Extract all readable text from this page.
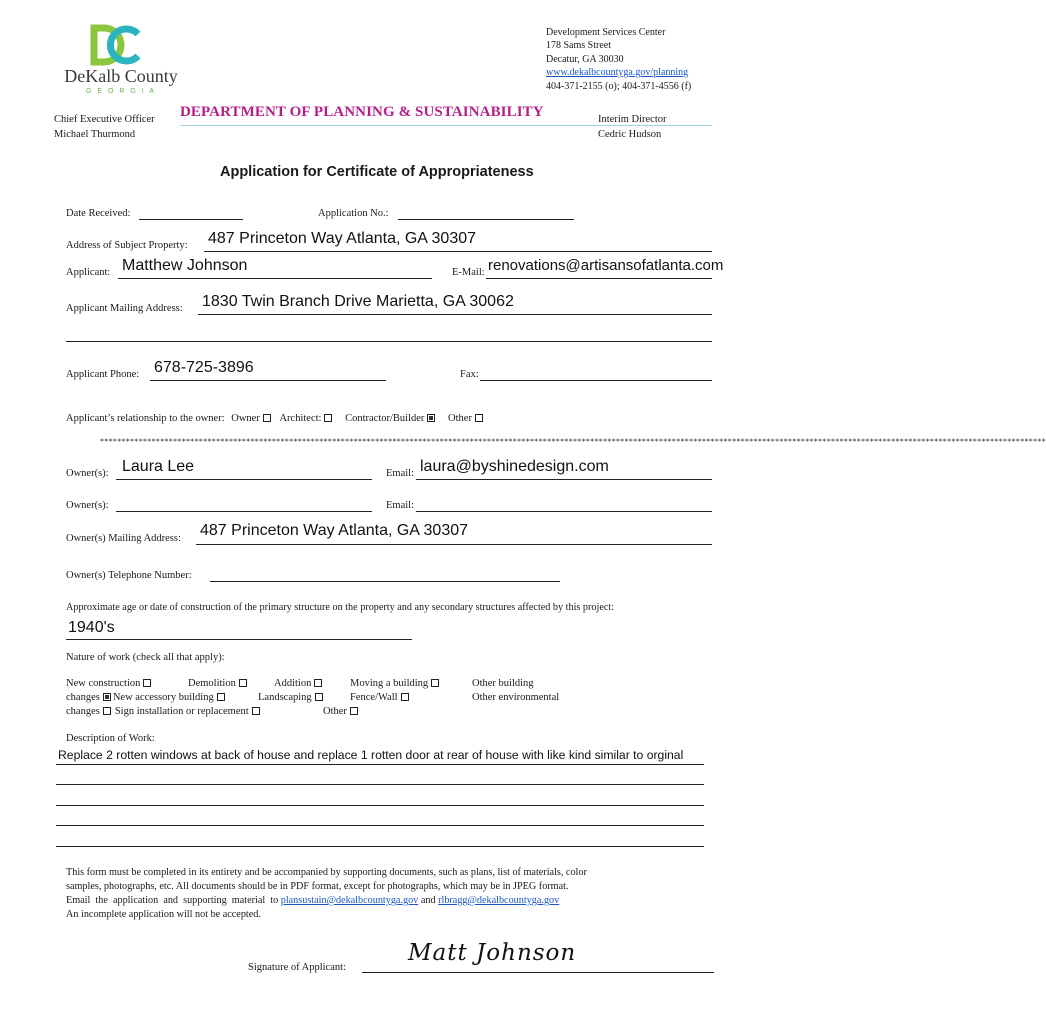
DeKalb County
G E O R G I A
Development Services Center
178 Sams Street
Decatur, GA 30030
www.dekalbcountyga.gov/planning
404-371-2155 (o); 404-371-4556 (f)
Chief Executive Officer
Michael Thurmond
DEPARTMENT OF PLANNING & SUSTAINABILITY	Interim Director
Cedric Hudson
Application for Certificate of Appropriateness
Date Received:	Application No.:
Address of Subject Property: 487 Princeton Way Atlanta, GA 30307
Applicant: Matthew Johnson	E-Mail: renovations@artisansofatlanta.com
Applicant Mailing Address: 1830 Twin Branch Drive Marietta, GA 30062
Applicant Phone: 678-725-3896	Fax:
Applicant’s relationship to the owner: Owner Architect: Contractor/Builder Other
****************************************************************************************************************************************************************************************************************************
Owner(s): Laura Lee	Email: laura@byshinedesign.com
Owner(s):	Email:
Owner(s) Mailing Address: 487 Princeton Way Atlanta, GA 30307
Owner(s) Telephone Number:
Approximate age or date of construction of the primary structure on the property and any secondary structures affected by this project:
1940's
Nature of work (check all that apply):
New construction	Demolition	Addition	Moving a building	Other building
changes New accessory building	Landscaping	Fence/Wall	Other environmental
changes Sign installation or replacement	Other
Description of Work:
Replace 2 rotten windows at back of house and replace 1 rotten door at rear of house with like kind similar to orginal
This form must be completed in its entirety and be accompanied by supporting documents, such as plans, list of materials, color
samples, photographs, etc. All documents should be in PDF format, except for photographs, which may be in JPEG format.
Email  the  application  and  supporting  material  to plansustain@dekalbcountyga.gov and rlbragg@dekalbcountyga.gov
An incomplete application will not be accepted.
Signature of Applicant:
Matt Johnson
